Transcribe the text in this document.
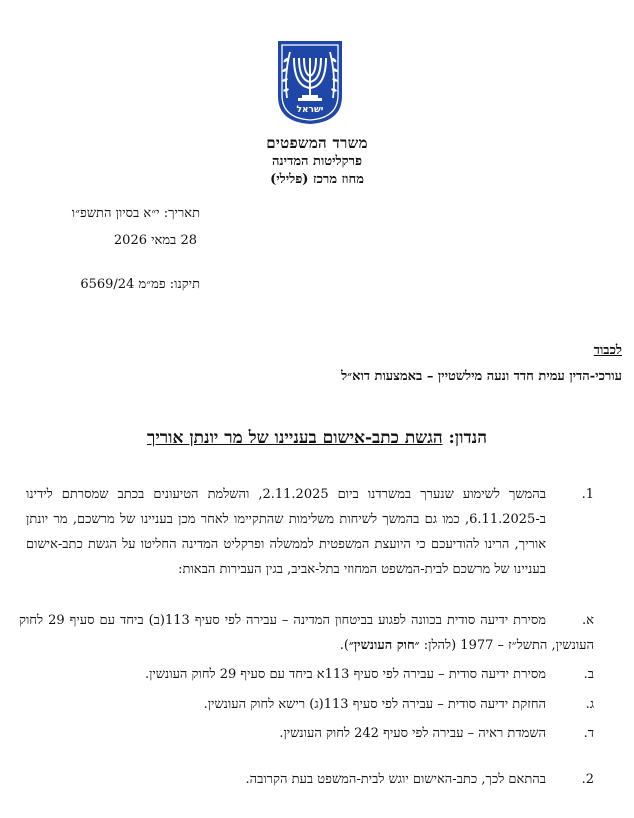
ישראל
משרד המשפטים
פרקליטות המדינה
מחוז מרכז (פלילי)
תאריך: י״א בסיון התשפ״ו
28 במאי 2026
תיקנו: פמ״מ 6569/24
לכבוד
עורכי-הדין עמית חדד ונעה מילשטיין – באמצעות דוא״ל
הנדון: הגשת כתב-אישום בעניינו של מר יונתן אוריך
1.
בהמשך לשימוע שנערך במשרדנו ביום 2.11.2025, והשלמת הטיעונים בכתב שמסרתם לידינו ב-6.11.2025, כמו גם בהמשך לשיחות משלימות שהתקיימו לאחר מכן בעניינו של מרשכם, מר יונתן אוריך, הרינו להודיעכם כי היועצת המשפטית לממשלה ופרקליט המדינה החליטו על הגשת כתב-אישום בעניינו של מרשכם לבית-המשפט המחוזי בתל-אביב, בגין העבירות הבאות:
א.מסירת ידיעה סודית בכוונה לפגוע בביטחון המדינה – עבירה לפי סעיף 113(ב) ביחד עם סעיף 29 לחוק העונשין, התשל״ז – 1977 (להלן: ״חוק העונשין״).
ב.מסירת ידיעה סודית – עבירה לפי סעיף 113א ביחד עם סעיף 29 לחוק העונשין.
ג.החזקת ידיעה סודית – עבירה לפי סעיף 113(ג) רישא לחוק העונשין.
ד.השמדת ראיה – עבירה לפי סעיף 242 לחוק העונשין.
2.
בהתאם לכך, כתב-האישום יוגש לבית-המשפט בעת הקרובה.
